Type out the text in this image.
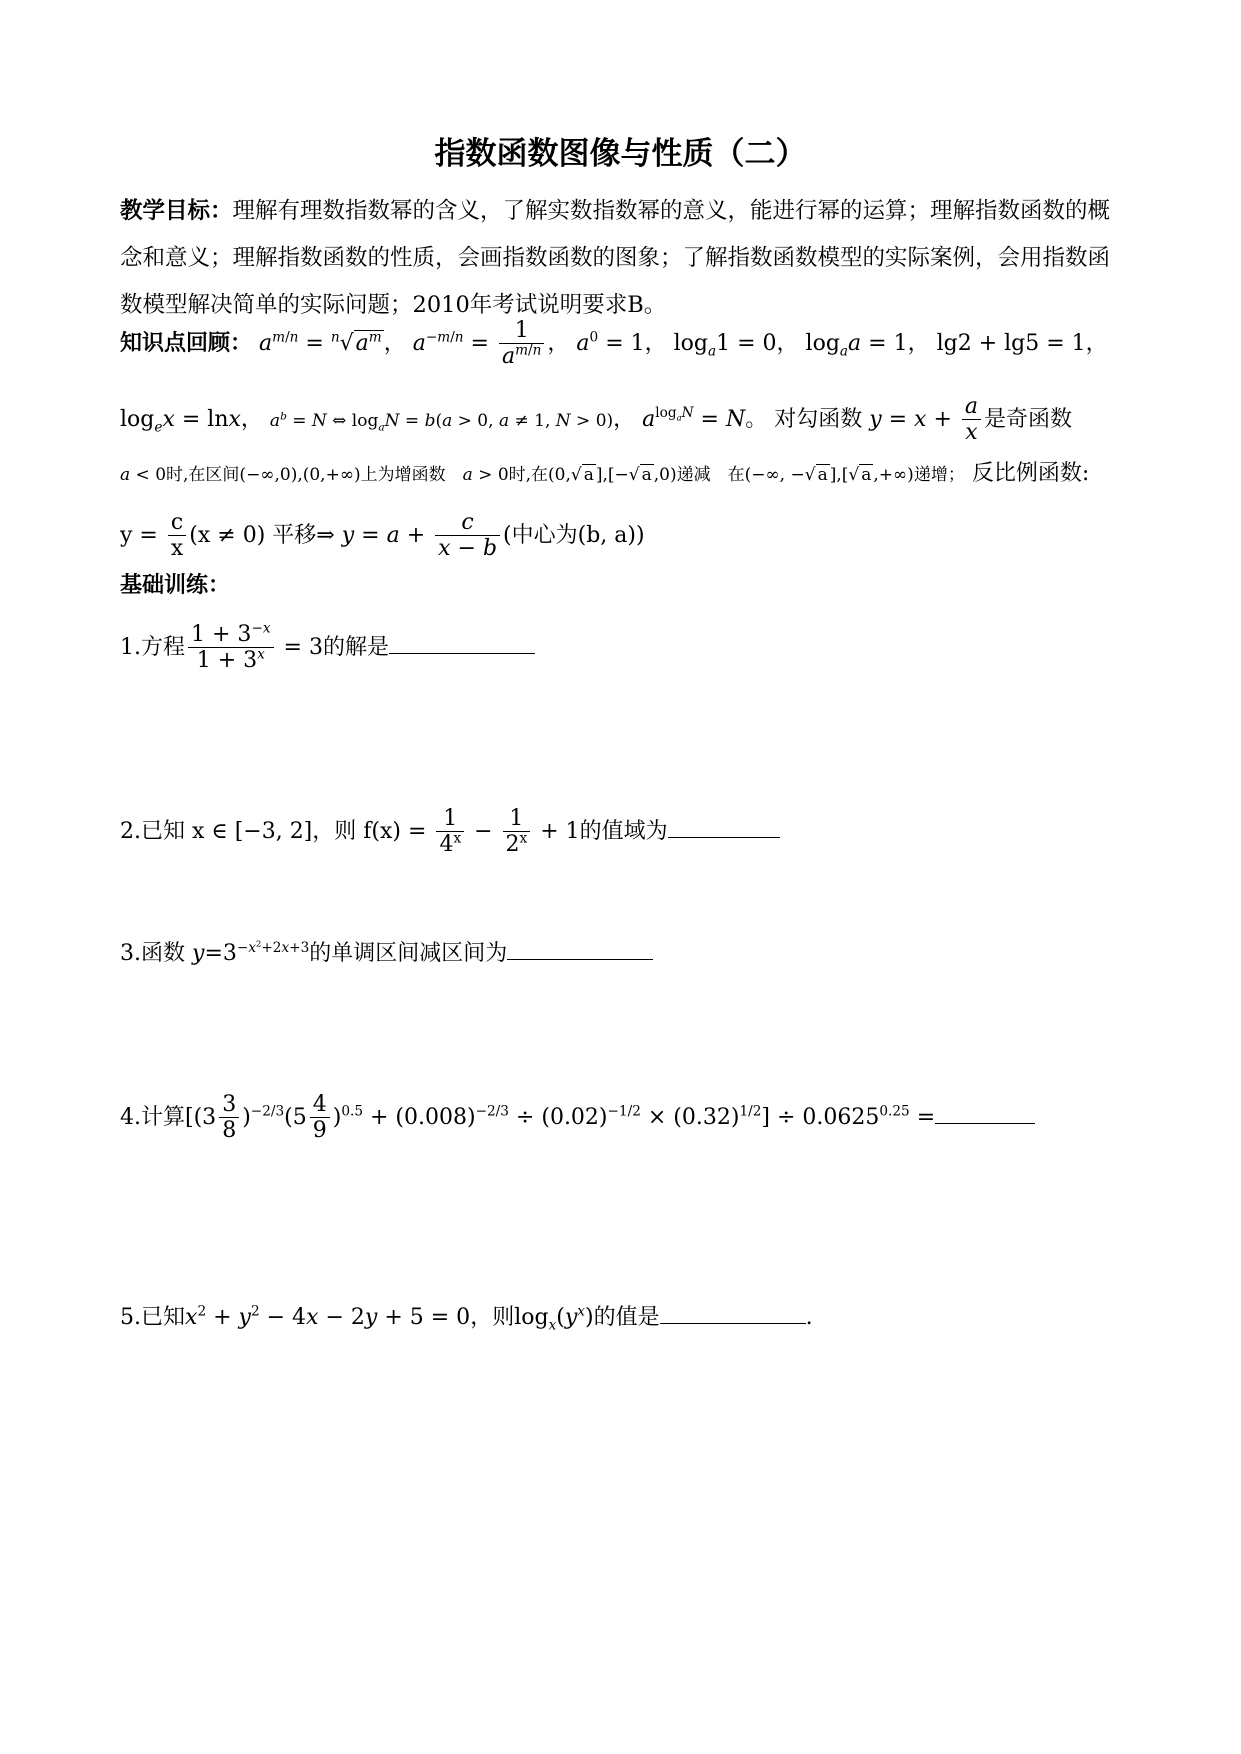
指数函数图像与性质（二）
教学目标：理解有理数指数幂的含义，了解实数指数幂的意义，能进行幂的运算；理解指数函数的概念和意义；理解指数函数的性质，会画指数函数的图象；了解指数函数模型的实际案例，会用指数函数模型解决简单的实际问题；2010年考试说明要求B。
知识点回顾： $a^{m/n} = ^n√a^m$， $a^{-m/n} = \frac{1}{a^{m/n}}$ ， $a^0 = 1$， $\log_a1 = 0$， $\log_aa = 1$， lg2 + lg5 = 1，
$\log_ex = \ln x$， $a^b = N$ ⇔ $\log_aN = b(a > 0$, a ≠ 1, N > 0)， $a^{log_aN} = N$。 对勾函数 $y = x + \frac{a}{x}$ 是奇函数
a < 0时,在区间(−∞,0),(0,+∞)上为增函数　 a > 0时,在(0,√ a ],[−√ a ,0)递减　 在(−∞, −√ a ],[√ a ,+∞)递增； 反比例函数:
$y = \frac{c}{x} (x \ne 0)$ 平移⇒ $y = a + \frac{c}{x - b}$ (中心为(b, a))
基础训练：
1.方程 $\frac{1 + 3^{-x}}{1 + 3^x} = 3$的解是
2.已知 x ∈ [−3, 2]，则 $f(x) = \frac{1}{4^x} - \frac{1}{2^x} + 1$的值域为
3.函数 $y=3^{-x^2+2x+3}$的单调区间减区间为
4.计算$[(3 \frac{3}{8} )^{-2/3}(5 \frac{4}{9} )^{0.5} + (0.008)^{-2/3} \div (0.02)^{-1/2} \times (0.32)^{1/2}] \div 0.0625^{0.25}$ =
5.已知$x^2 + y^2 - 4x - 2y + 5 = 0$，则$\log_x(y^x)$的值是	.
